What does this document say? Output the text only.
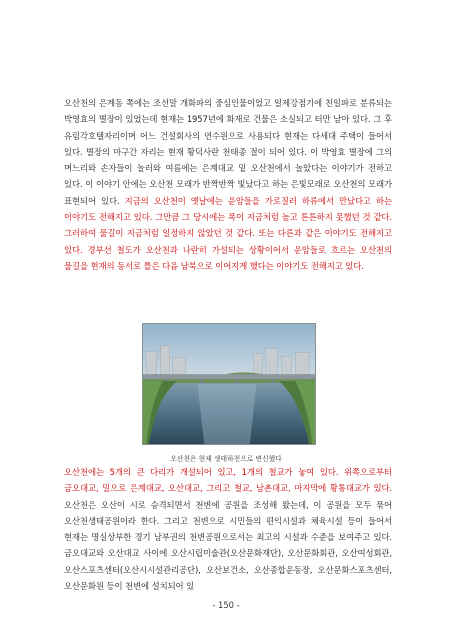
오산천의 은계동 쪽에는 조선말 개화파의 중심인물이었고 일제강점기에 친일파로 분류되는 박영효의 별장이 있었는데 현재는 1957년에 화재로 건물은 소실되고 터만 남아 있다. 그 후 유림각호텔자리이며 어느 건설회사의 연수원으로 사용되다 현재는 다세대 주택이 들어서 있다. 별장의 마구간 자리는 현재 황덕사란 천태종 절이 되어 있다. 이 박영효 별장에 그의 며느리와 손자들이 놀러와 여름에는 은계대교 밑 오산천에서 놀았다는 이야기가 전하고 있다. 이 이야기 안에는 오산천 모래가 반짝반짝 빛났다고 하는 은빛모래로 오산천의 모래가 표현되어 있다. 지금의 오산천이 옛날에는 운암들을 가로질러 하류에서 만났다고 하는 이야기도 전해지고 있다. 그만큼 그 당시에는 폭이 지금처럼 높고 튼튼하지 못했던 것 같다. 그러하여 물길이 지금처럼 일정하지 않았던 것 같다. 또는 다른과 같은 이야기도 전해지고 있다. 경부선 철도가 오산천과 나란히 가설되는 상황이어서 운암들로 흐르는 오산천의 물길을 현재의 동서로 틀은 다음 남북으로 이어지게 했다는 이야기도 전해지고 있다.

오산천은 현재 생태하천으로 변신했다

오산천에는 5개의 큰 다리가 개설되어 있고, 1개의 철교가 놓여 있다. 위쪽으로부터 금오대교, 밀으로 은계대교, 오산대교, 그리고 철교, 남촌대교, 마지막에 황통대교가 있다. 오산천은 오산이 시로 승격되면서 천변에 공원을 조성해 왔는데, 이 공원을 모두 묶어 오산천생태공원이라 한다. 그리고 천변으로 시민들의 편익시설과 체육시설 등이 들어서 현재는 명실상부한 경기 남부권의 천변공원으로서는 최고의 시설과 수준을 보여주고 있다. 금오대교와 오산대교 사이에 오산시립미술관(오산문화재단), 오산문화회관, 오산여성회관, 오산스포츠센터(오산시시설관리공단), 오산보건소, 오산종합운동장, 오산문화스포츠센터, 오산문화원 등이 천변에 설치되어 있

- 150 -
